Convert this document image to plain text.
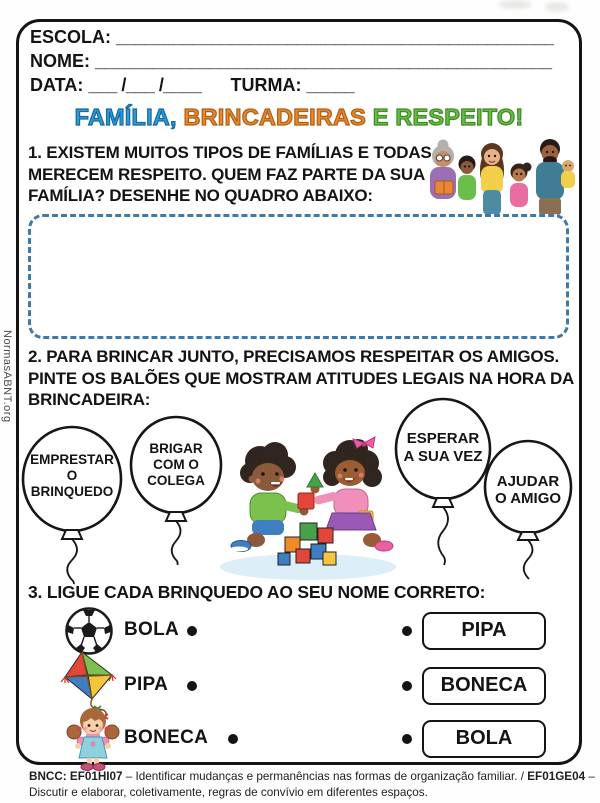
NormasABNT.org
ESCOLA: ______________________________________________
NOME: ________________________________________________
DATA: ___ /___ /____ TURMA: _____
FAMÍLIA, BRINCADEIRAS E RESPEITO!
1. EXISTEM MUITOS TIPOS DE FAMÍLIAS E TODAS MERECEM RESPEITO. QUEM FAZ PARTE DA SUA FAMÍLIA? DESENHE NO QUADRO ABAIXO:
2. PARA BRINCAR JUNTO, PRECISAMOS RESPEITAR OS AMIGOS. PINTE OS BALÕES QUE MOSTRAM ATITUDES LEGAIS NA HORA DA BRINCADEIRA:
EMPRESTAR
O
BRINQUEDO
BRIGAR
COM O
COLEGA
ESPERAR
A SUA VEZ
AJUDAR
O AMIGO
3. LIGUE CADA BRINQUEDO AO SEU NOME CORRETO:
BOLA
PIPA
BONECA
PIPA
BONECA
BOLA
BNCC: EF01HI07 – Identificar mudanças e permanências nas formas de organização familiar. / EF01GE04 –
Discutir e elaborar, coletivamente, regras de convívio em diferentes espaços.
